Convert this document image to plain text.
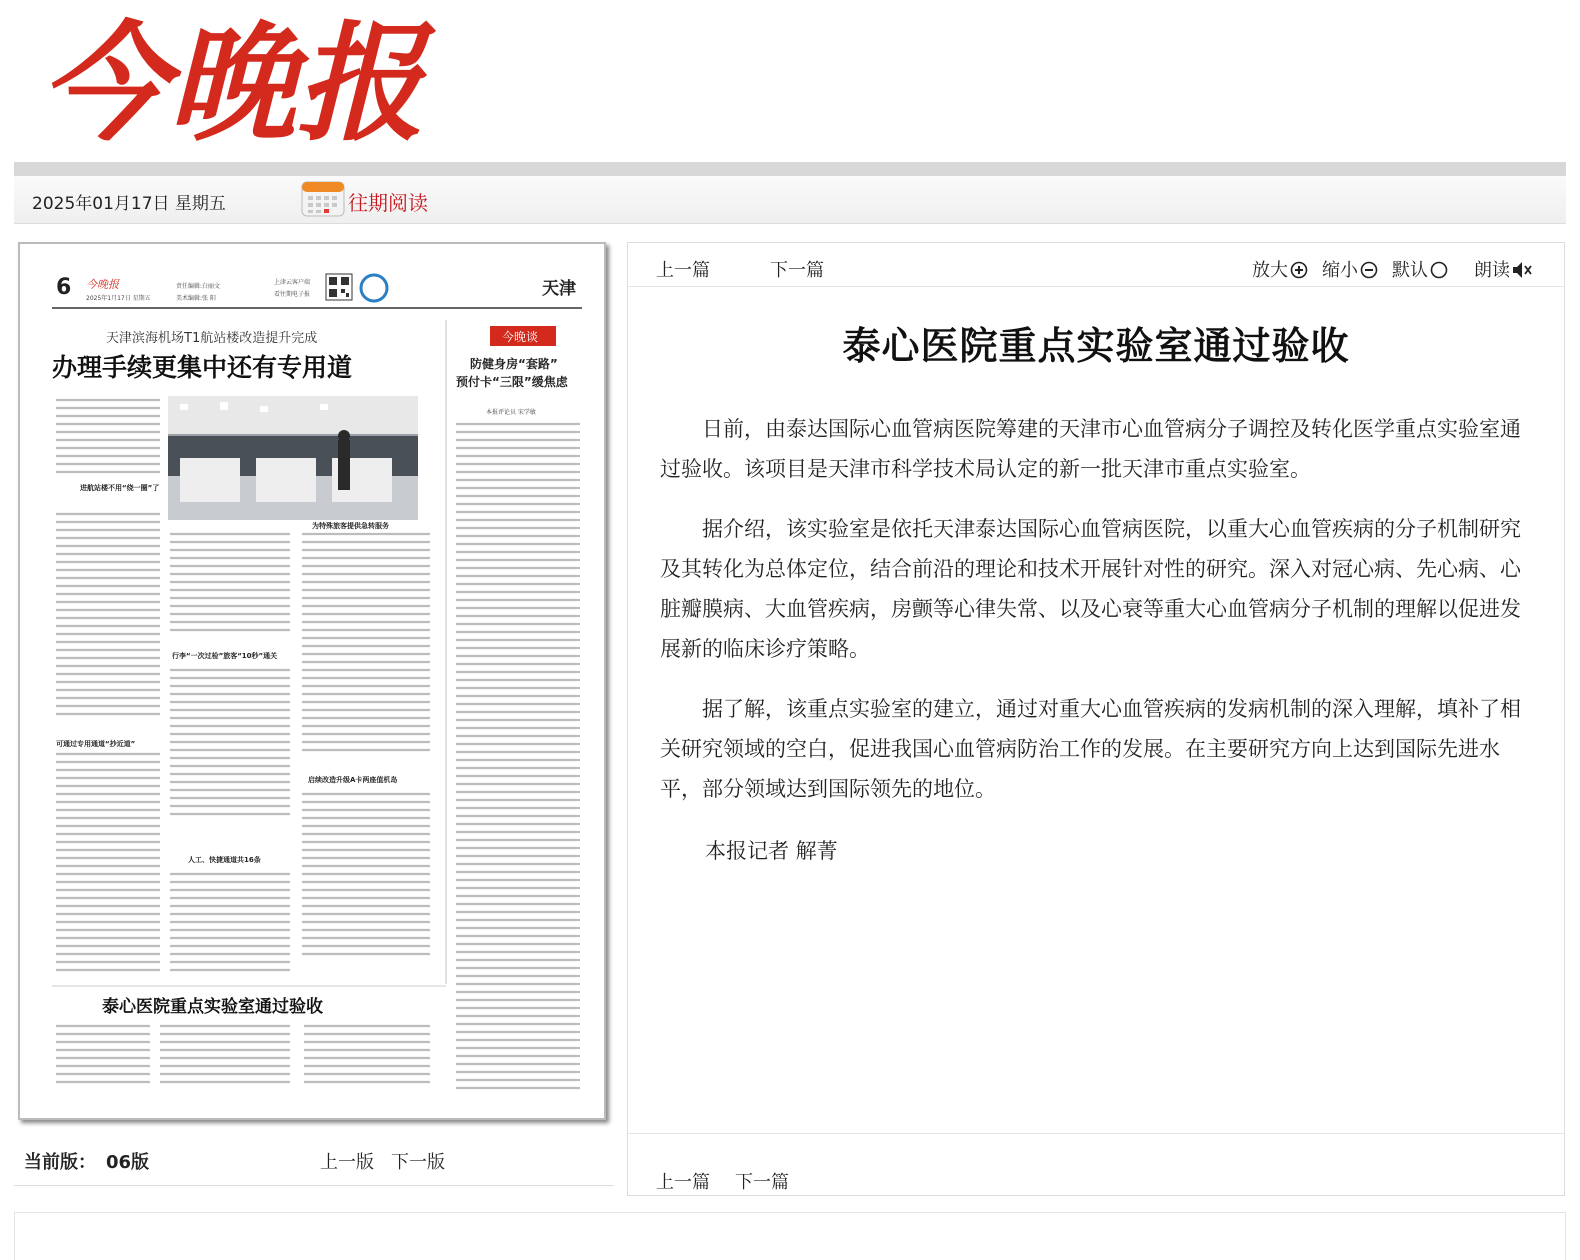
今晚报
2025年01月17日 星期五	往期阅读
6 今晚报
2025年1月17日 星期五
责任编辑:白丽文
美术编辑:张 阳
上津云客户端
看往期电子报	天津
天津滨海机场T1航站楼改造提升完成
办理手续更集中还有专用道
今晚谈
防健身房“套路”
预付卡“三限”缓焦虑
本报评论员 宋学敏
进航站楼不用“绕一圈”了
为特殊旅客提供急转服务
行李“一次过检”旅客“10秒”通关
可通过专用通道“抄近道”
启续改造升级A卡两座值机岛
人工、快捷通道共16条
泰心医院重点实验室通过验收
当前版： 06版	上一版 下一版
上一篇	下一篇	放大	缩小	默认	朗读
泰心医院重点实验室通过验收

日前，由泰达国际心血管病医院筹建的天津市心血管病分子调控及转化医学重点实验室通过验收。该项目是天津市科学技术局认定的新一批天津市重点实验室。

据介绍，该实验室是依托天津泰达国际心血管病医院，以重大心血管疾病的分子机制研究及其转化为总体定位，结合前沿的理论和技术开展针对性的研究。深入对冠心病、先心病、心脏瓣膜病、大血管疾病，房颤等心律失常、以及心衰等重大心血管病分子机制的理解以促进发展新的临床诊疗策略。

据了解，该重点实验室的建立，通过对重大心血管疾病的发病机制的深入理解，填补了相关研究领域的空白，促进我国心血管病防治工作的发展。在主要研究方向上达到国际先进水平，部分领域达到国际领先的地位。

本报记者 解菁
上一篇 下一篇
